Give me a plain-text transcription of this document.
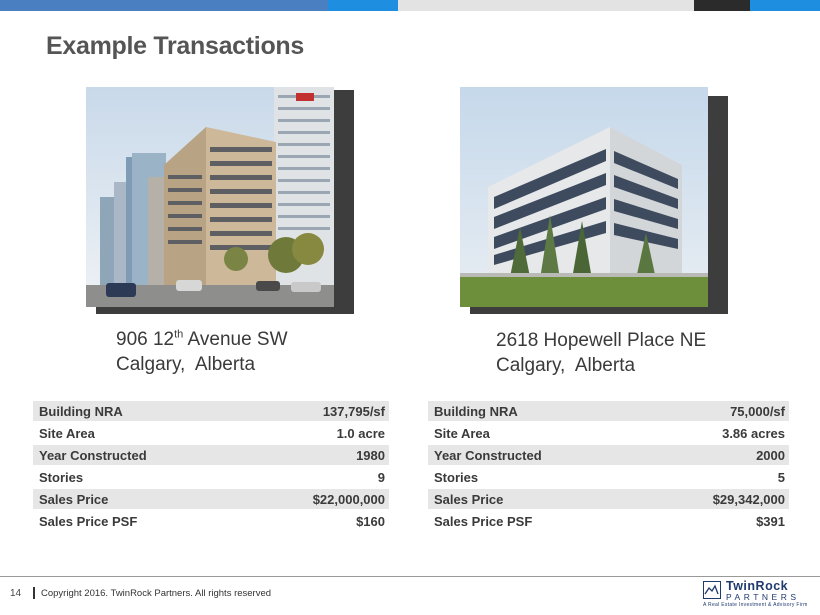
Example Transactions
906 12th Avenue SW
Calgary,  Alberta
2618 Hopewell Place NE
Calgary,  Alberta
Building NRA	137,795/sf
Site Area	1.0 acre
Year Constructed	1980
Stories	9
Sales Price	$22,000,000
Sales Price PSF	$160
Building NRA	75,000/sf
Site Area	3.86 acres
Year Constructed	2000
Stories	5
Sales Price	$29,342,000
Sales Price PSF	$391
14 Copyright 2016. TwinRock Partners. All rights reserved
TwinRock
PARTNERS
A Real Estate Investment & Advisory Firm
